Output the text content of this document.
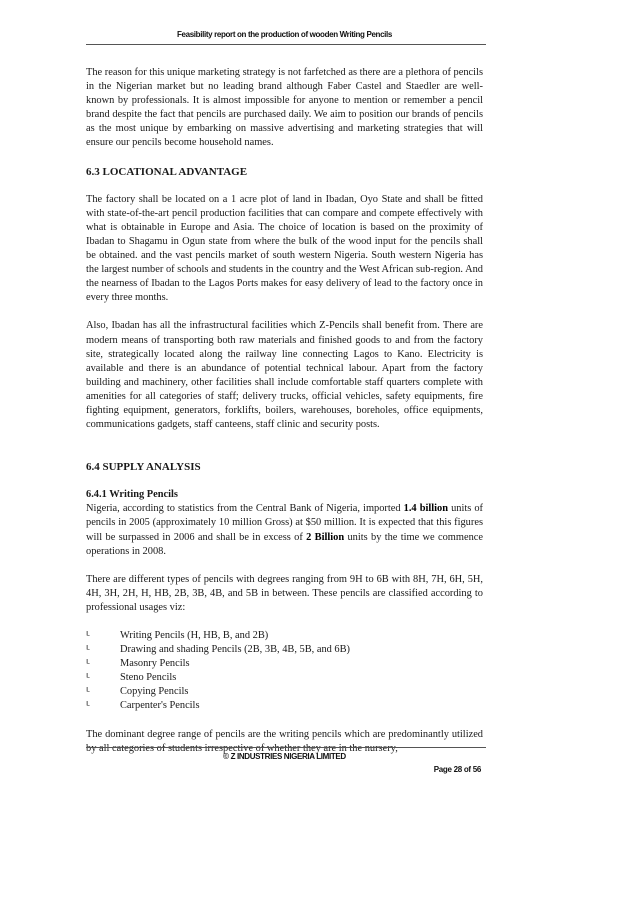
Feasibility report on the production of wooden Writing Pencils

The reason for this unique marketing strategy is not farfetched as there are a plethora of pencils in the Nigerian market but no leading brand although Faber Castel and Staedler are well-known by professionals. It is almost impossible for anyone to mention or remember a pencil brand despite the fact that pencils are purchased daily. We aim to position our brands of pencils as the most unique by embarking on massive advertising and marketing strategies that will ensure our pencils become household names.

6.3 LOCATIONAL ADVANTAGE

The factory shall be located on a 1 acre plot of land in Ibadan, Oyo State and shall be fitted with state-of-the-art pencil production facilities that can compare and compete effectively with what is obtainable in Europe and Asia. The choice of location is based on the proximity of Ibadan to Shagamu in Ogun state from where the bulk of the wood input for the pencils shall be obtained. and the vast pencils market of south western Nigeria. South western Nigeria has the largest number of schools and students in the country and the West African sub-region. And the nearness of Ibadan to the Lagos Ports makes for easy delivery of lead to the factory once in every three months.

Also, Ibadan has all the infrastructural facilities which Z-Pencils shall benefit from. There are modern means of transporting both raw materials and finished goods to and from the factory site, strategically located along the railway line connecting Lagos to Kano. Electricity is available and there is an abundance of potential technical labour. Apart from the factory building and machinery, other facilities shall include comfortable staff quarters complete with amenities for all categories of staff; delivery trucks, official vehicles, safety equipments, fire fighting equipment, generators, forklifts, boilers, warehouses, boreholes, office equipments, communications gadgets, staff canteens, staff clinic and security posts.

6.4 SUPPLY ANALYSIS
6.4.1 Writing Pencils

Nigeria, according to statistics from the Central Bank of Nigeria, imported 1.4 billion units of pencils in 2005 (approximately 10 million Gross) at $50 million. It is expected that this figures will be surpassed in 2006 and shall be in excess of 2 Billion units by the time we commence operations in 2008.

There are different types of pencils with degrees ranging from 9H to 6B with 8H, 7H, 6H, 5H, 4H, 3H, 2H, H, HB, 2B, 3B, 4B, and 5B in between. These pencils are classified according to professional usages viz:

ᒻ	Writing Pencils (H, HB, B, and 2B)
ᒻ	Drawing and shading Pencils (2B, 3B, 4B, 5B, and 6B)
ᒻ	Masonry Pencils
ᒻ	Steno Pencils
ᒻ	Copying Pencils
ᒻ	Carpenter's Pencils

The dominant degree range of pencils are the writing pencils which are predominantly utilized by all categories of students irrespective of whether they are in the nursery,

© Z INDUSTRIES NIGERIA LIMITED
Page 28 of 56
